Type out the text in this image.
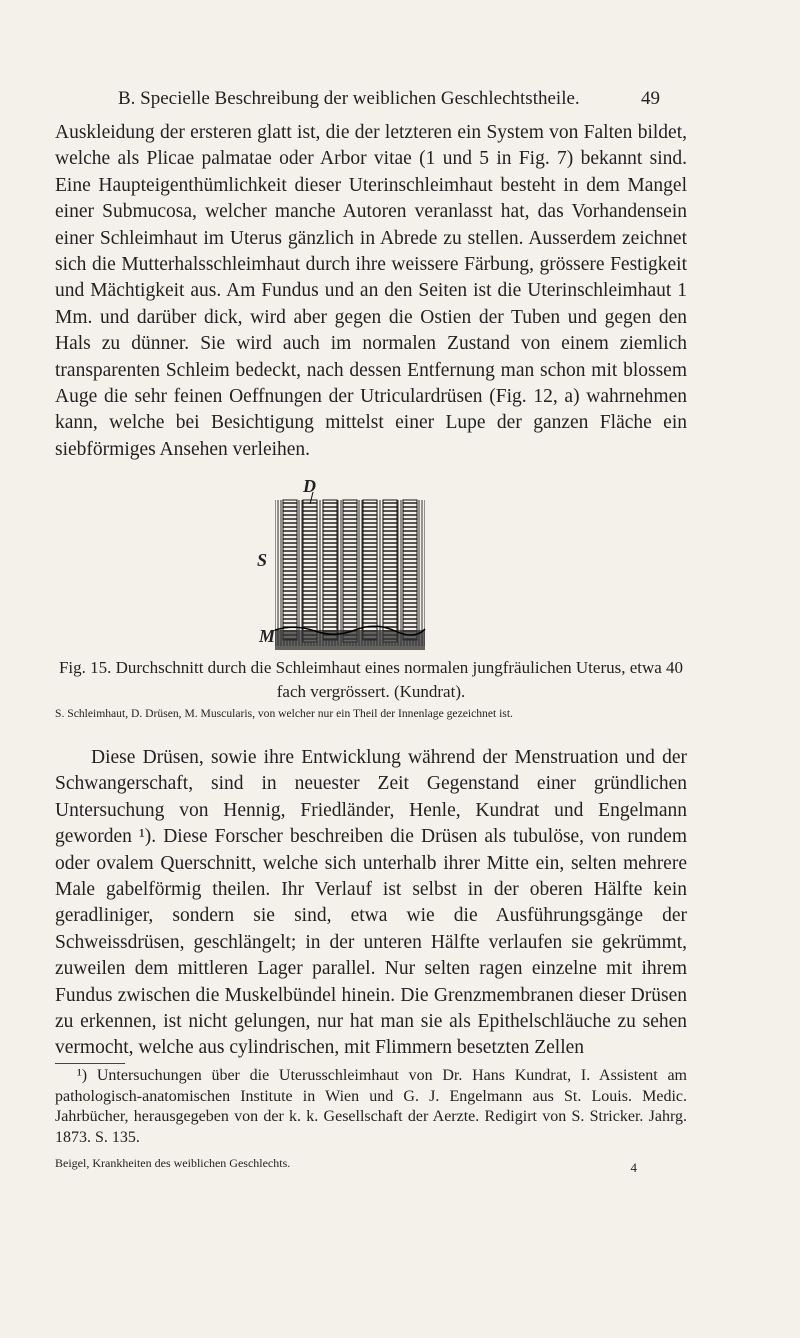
B. Specielle Beschreibung der weiblichen Geschlechtstheile.	49

Auskleidung der ersteren glatt ist, die der letzteren ein System von Falten bildet, welche als Plicae palmatae oder Arbor vitae (1 und 5 in Fig. 7) bekannt sind. Eine Haupteigenthümlichkeit dieser Uterinschleimhaut besteht in dem Mangel einer Submucosa, welcher manche Autoren veranlasst hat, das Vorhandensein einer Schleimhaut im Uterus gänzlich in Abrede zu stellen. Ausserdem zeichnet sich die Mutterhalsschleimhaut durch ihre weissere Färbung, grössere Festigkeit und Mächtigkeit aus. Am Fundus und an den Seiten ist die Uterinschleimhaut 1 Mm. und darüber dick, wird aber gegen die Ostien der Tuben und gegen den Hals zu dünner. Sie wird auch im normalen Zustand von einem ziemlich transparenten Schleim bedeckt, nach dessen Entfernung man schon mit blossem Auge die sehr feinen Oeffnungen der Utriculardrüsen (Fig. 12, a) wahrnehmen kann, welche bei Besichtigung mittelst einer Lupe der ganzen Fläche ein siebförmiges Ansehen verleihen.

D
S
M
Fig. 15. Durchschnitt durch die Schleimhaut eines normalen jungfräulichen Uterus, etwa 40 fach vergrössert. (Kundrat).
S. Schleimhaut, D. Drüsen, M. Muscularis, von welcher nur ein Theil der Innenlage gezeichnet ist.

Diese Drüsen, sowie ihre Entwicklung während der Menstruation und der Schwangerschaft, sind in neuester Zeit Gegenstand einer gründlichen Untersuchung von Hennig, Friedländer, Henle, Kundrat und Engelmann geworden ¹). Diese Forscher beschreiben die Drüsen als tubulöse, von rundem oder ovalem Querschnitt, welche sich unterhalb ihrer Mitte ein, selten mehrere Male gabelförmig theilen. Ihr Verlauf ist selbst in der oberen Hälfte kein geradliniger, sondern sie sind, etwa wie die Ausführungsgänge der Schweissdrüsen, geschlängelt; in der unteren Hälfte verlaufen sie gekrümmt, zuweilen dem mittleren Lager parallel. Nur selten ragen einzelne mit ihrem Fundus zwischen die Muskelbündel hinein. Die Grenzmembranen dieser Drüsen zu erkennen, ist nicht gelungen, nur hat man sie als Epithelschläuche zu sehen vermocht, welche aus cylindrischen, mit Flimmern besetzten Zellen

¹) Untersuchungen über die Uterusschleimhaut von Dr. Hans Kundrat, I. Assistent am pathologisch-anatomischen Institute in Wien und G. J. Engelmann aus St. Louis. Medic. Jahrbücher, herausgegeben von der k. k. Gesellschaft der Aerzte. Redigirt von S. Stricker. Jahrg. 1873. S. 135.

Beigel, Krankheiten des weiblichen Geschlechts.	4
